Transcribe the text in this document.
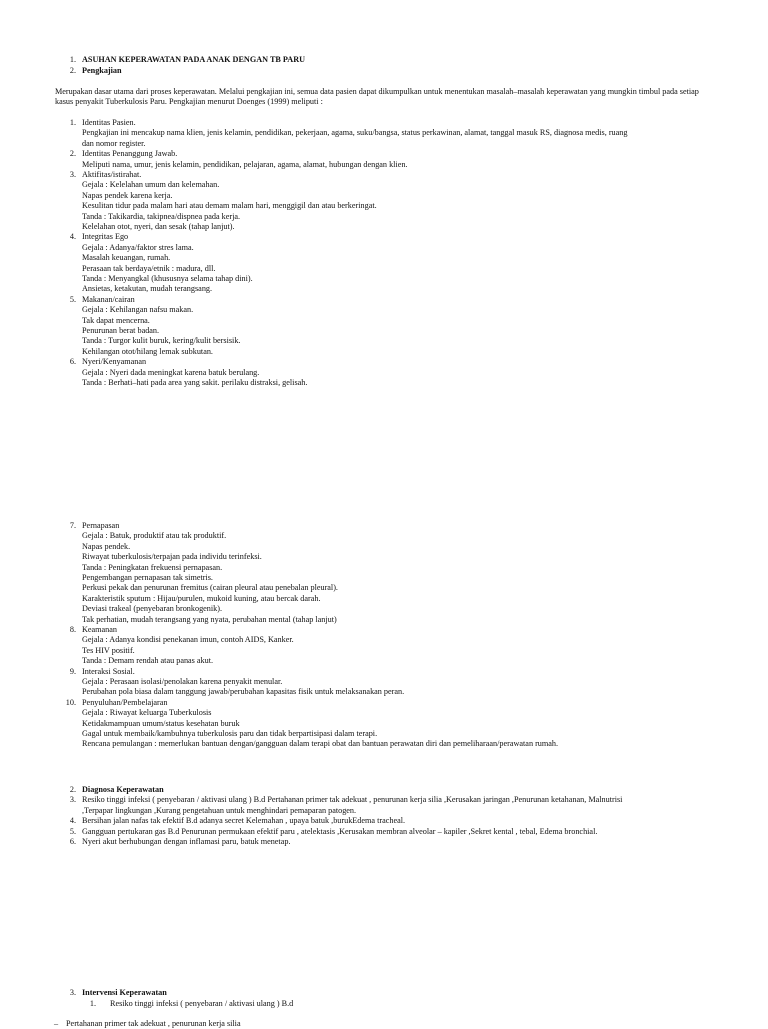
1. ASUHAN KEPERAWATAN PADA ANAK DENGAN TB PARU
2. Pengkajian
Merupakan dasar utama dari proses keperawatan. Melalui pengkajian ini, semua data pasien dapat dikumpulkan untuk menentukan masalah–masalah keperawatan yang mungkin timbul pada setiap kasus penyakit Tuberkulosis Paru. Pengkajian menurut Doenges (1999) meliputi :
1. Identitas Pasien.
Pengkajian ini mencakup nama klien, jenis kelamin, pendidikan, pekerjaan, agama, suku/bangsa, status perkawinan, alamat, tanggal masuk RS, diagnosa medis, ruang
dan nomor register.
2. Identitas Penanggung Jawab.
Meliputi nama, umur, jenis kelamin, pendidikan, pelajaran, agama, alamat, hubungan dengan klien.
3. Aktifitas/istirahat.
Gejala : Kelelahan umum dan kelemahan.
Napas pendek karena kerja.
Kesulitan tidur pada malam hari atau demam malam hari, menggigil dan atau berkeringat.
Tanda : Takikardia, takipnea/dispnea pada kerja.
Kelelahan otot, nyeri, dan sesak (tahap lanjut).
4. Integritas Ego
Gejala : Adanya/faktor stres lama.
Masalah keuangan, rumah.
Perasaan tak berdaya/etnik : madura, dll.
Tanda : Menyangkal (khususnya selama tahap dini).
Ansietas, ketakutan, mudah terangsang.
5. Makanan/cairan
Gejala : Kehilangan nafsu makan.
Tak dapat mencerna.
Penurunan berat badan.
Tanda : Turgor kulit buruk, kering/kulit bersisik.
Kehilangan otot/hilang lemak subkutan.
6. Nyeri/Kenyamanan
Gejala : Nyeri dada meningkat karena batuk berulang.
Tanda : Berhati–hati pada area yang sakit. perilaku distraksi, gelisah.
7. Pernapasan
Gejala : Batuk, produktif atau tak produktif.
Napas pendek.
Riwayat tuberkulosis/terpajan pada individu terinfeksi.
Tanda : Peningkatan frekuensi pernapasan.
Pengembangan pernapasan tak simetris.
Perkusi pekak dan penurunan fremitus (cairan pleural atau penebalan pleural).
Karakteristik sputum : Hijau/purulen, mukoid kuning, atau bercak darah.
Deviasi trakeal (penyebaran bronkogenik).
Tak perhatian, mudah terangsang yang nyata, perubahan mental (tahap lanjut)
8. Keamanan
Gejala : Adanya kondisi penekanan imun, contoh AIDS, Kanker.
Tes HIV positif.
Tanda : Demam rendah atau panas akut.
9. Interaksi Sosial.
Gejala : Perasaan isolasi/penolakan karena penyakit menular.
Perubahan pola biasa dalam tanggung jawab/perubahan kapasitas fisik untuk melaksanakan peran.
10. Penyuluhan/Pembelajaran
Gejala : Riwayat keluarga Tuberkulosis
Ketidakmampuan umum/status kesehatan buruk
Gagal untuk membaik/kambuhnya tuberkulosis paru dan tidak berpartisipasi dalam terapi.
Rencana pemulangan : memerlukan bantuan dengan/gangguan dalam terapi obat dan bantuan perawatan diri dan pemeliharaan/perawatan rumah.
2. Diagnosa Keperawatan
3. Resiko tinggi infeksi ( penyebaran / aktivasi ulang ) B.d Pertahanan primer tak adekuat , penurunan kerja silia ,Kerusakan jaringan ,Penurunan ketahanan, Malnutrisi
,Terpapar lingkungan ,Kurang pengetahuan untuk menghindari pemaparan patogen.
4. Bersihan jalan nafas tak efektif B.d adanya secret Kelemahan , upaya batuk ,burukEdema tracheal.
5. Gangguan pertukaran gas B.d Penurunan permukaan efektif paru , atelektasis ,Kerusakan membran alveolar – kapiler ,Sekret kental , tebal, Edema bronchial.
6. Nyeri akut berhubungan dengan inflamasi paru, batuk menetap.
3. Intervensi Keperawatan
1. Resiko tinggi infeksi ( penyebaran / aktivasi ulang ) B.d
– Pertahanan primer tak adekuat , penurunan kerja silia
